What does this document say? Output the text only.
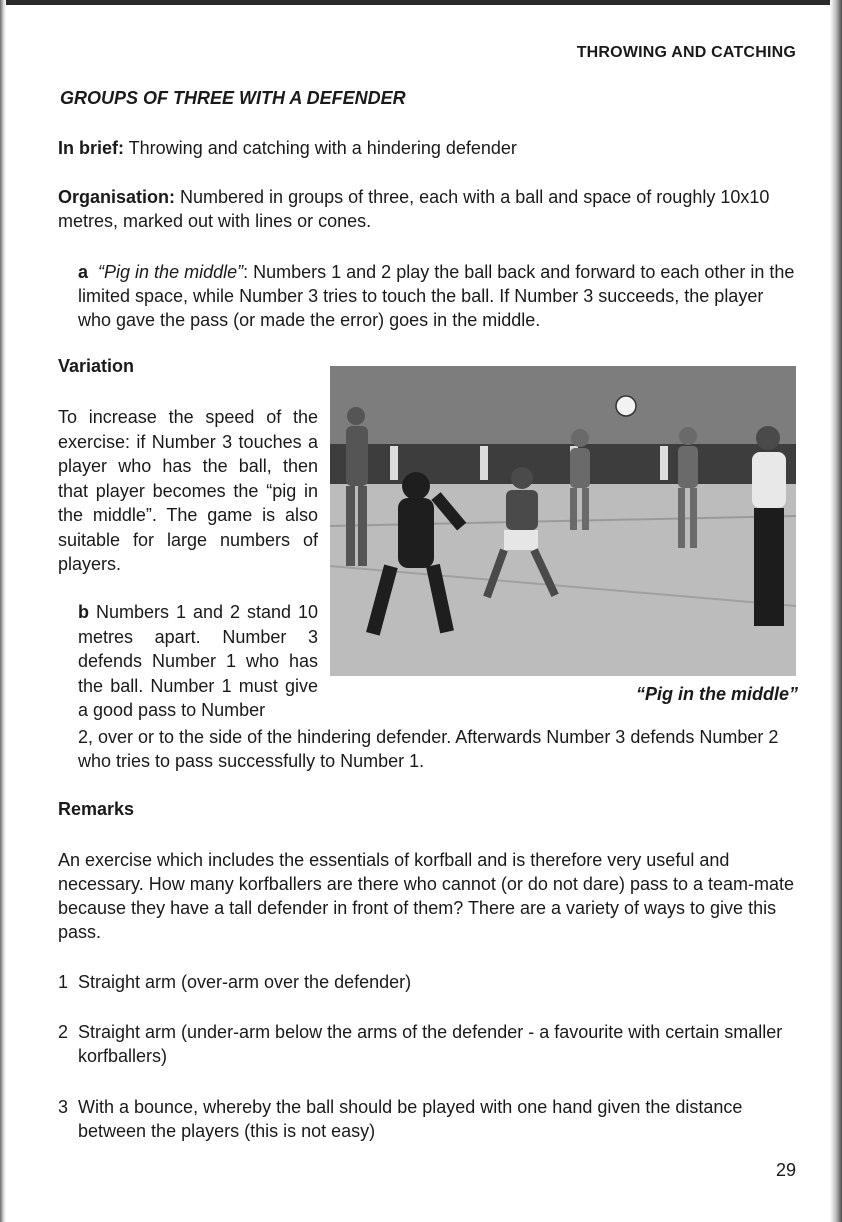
THROWING AND CATCHING
GROUPS OF THREE WITH A DEFENDER

In brief: Throwing and catching with a hindering defender

Organisation: Numbered in groups of three, each with a ball and space of roughly 10x10 metres, marked out with lines or cones.

a “Pig in the middle”: Numbers 1 and 2 play the ball back and forward to each other in the limited space, while Number 3 tries to touch the ball. If Number 3 succeeds, the player who gave the pass (or made the error) goes in the middle.

Variation

To increase the speed of the exercise: if Number 3 touches a player who has the ball, then that player becomes the “pig in the middle”. The game is also suitable for large numbers of players.

b Numbers 1 and 2 stand 10 metres apart. Number 3 defends Number 1 who has the ball. Number 1 must give a good pass to Number

2, over or to the side of the hindering defender. Afterwards Number 3 defends Number 2 who tries to pass successfully to Number 1.

“Pig in the middle”
Remarks

An exercise which includes the essentials of korfball and is therefore very useful and necessary. How many korfballers are there who cannot (or do not dare) pass to a team-mate because they have a tall defender in front of them? There are a variety of ways to give this pass.

1 Straight arm (over-arm over the defender)
2 Straight arm (under-arm below the arms of the defender - a favourite with certain smaller korfballers)
3 With a bounce, whereby the ball should be played with one hand given the distance between the players (this is not easy)
29
